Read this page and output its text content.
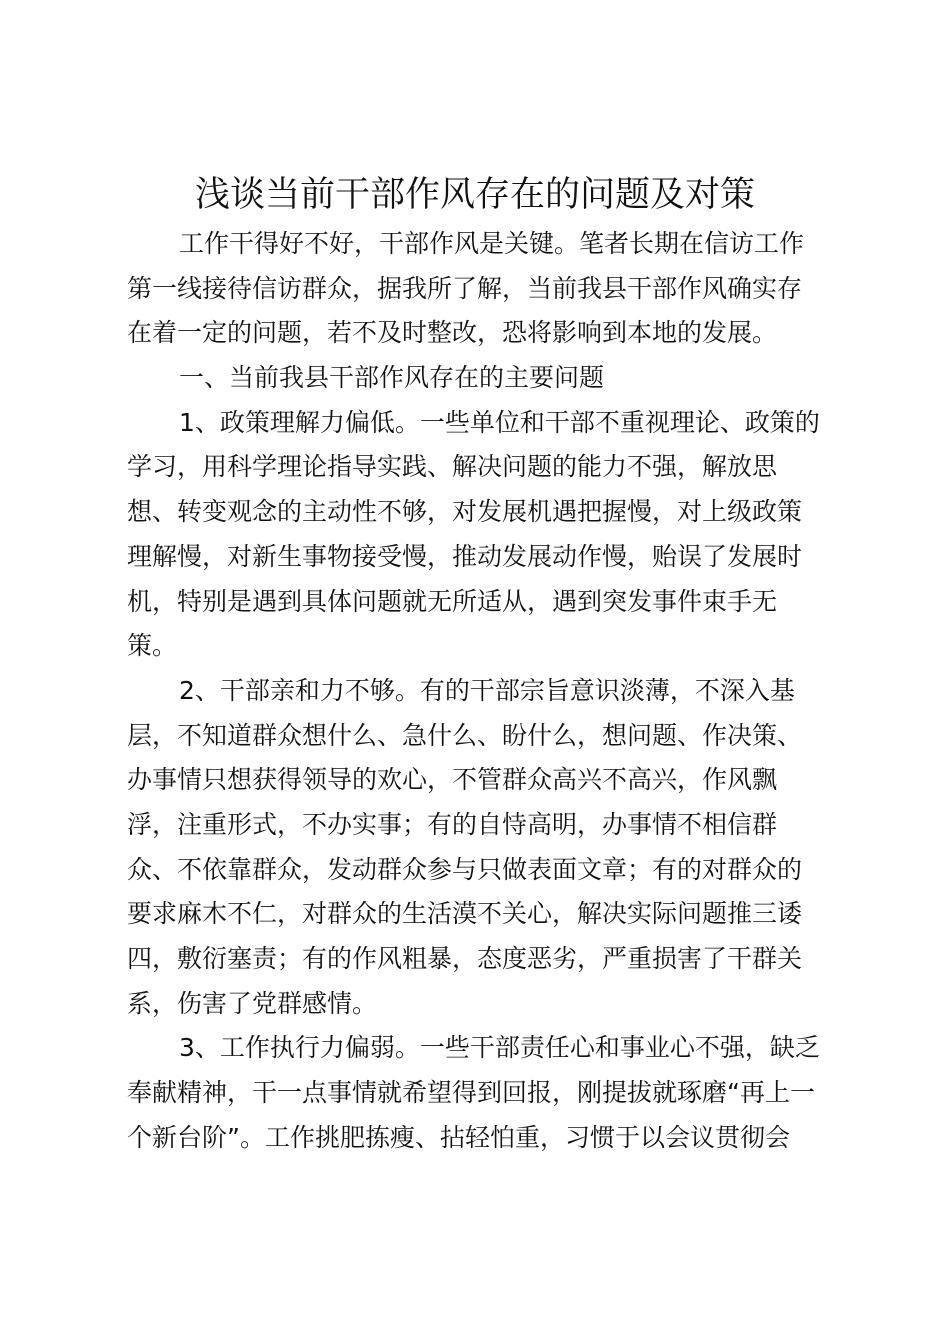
浅谈当前干部作风存在的问题及对策

工作干得好不好，干部作风是关键。笔者长期在信访工作
第一线接待信访群众，据我所了解，当前我县干部作风确实存
在着一定的问题，若不及时整改，恐将影响到本地的发展。

一、当前我县干部作风存在的主要问题

1、政策理解力偏低。一些单位和干部不重视理论、政策的
学习，用科学理论指导实践、解决问题的能力不强，解放思
想、转变观念的主动性不够，对发展机遇把握慢，对上级政策
理解慢，对新生事物接受慢，推动发展动作慢，贻误了发展时
机，特别是遇到具体问题就无所适从，遇到突发事件束手无
策。

2、干部亲和力不够。有的干部宗旨意识淡薄，不深入基
层，不知道群众想什么、急什么、盼什么，想问题、作决策、
办事情只想获得领导的欢心，不管群众高兴不高兴，作风飘
浮，注重形式，不办实事；有的自恃高明，办事情不相信群
众、不依靠群众，发动群众参与只做表面文章；有的对群众的
要求麻木不仁，对群众的生活漠不关心，解决实际问题推三诿
四，敷衍塞责；有的作风粗暴，态度恶劣，严重损害了干群关
系，伤害了党群感情。

3、工作执行力偏弱。一些干部责任心和事业心不强，缺乏
奉献精神，干一点事情就希望得到回报，刚提拔就琢磨“再上一
个新台阶”。工作挑肥拣瘦、拈轻怕重，习惯于以会议贯彻会
